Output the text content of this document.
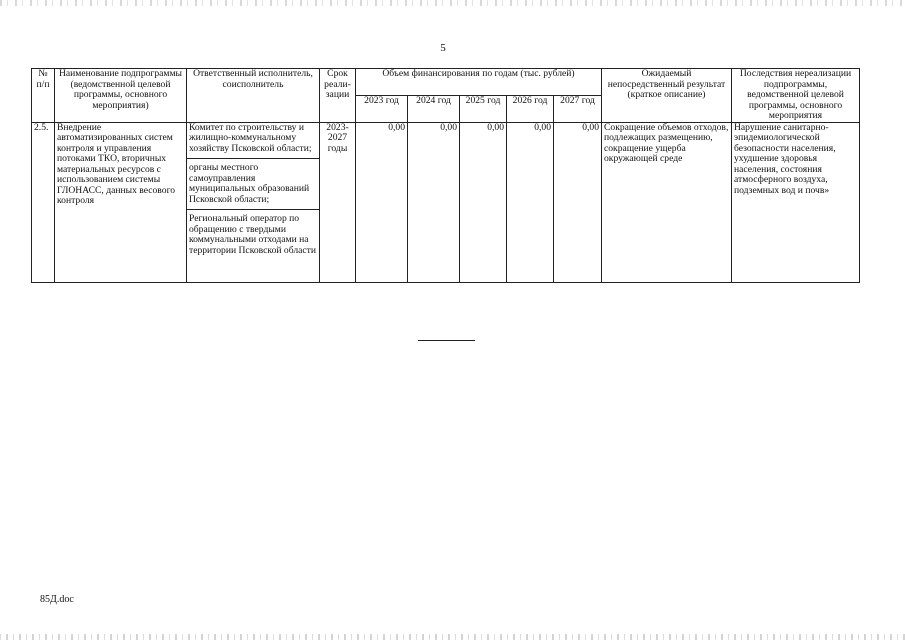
5
№ п/п	Наименование подпрограммы (ведомственной целевой программы, основного мероприятия)	Ответственный исполнитель, соисполнитель	Срок реали-зации	Объем финансирования по годам (тыс. рублей)					Ожидаемый непосредственный результат (краткое описание)	Последствия нереализации подпрограммы, ведомственной целевой программы, основного мероприятия
				2023 год	2024 год	2025 год	2026 год	2027 год		
2.5.	Внедрение автоматизированных систем контроля и управления потоками ТКО, вторичных материальных ресурсов с использованием системы ГЛОНАСС, данных весового контроля	Комитет по строительству и жилищно-коммунальному хозяйству Псковской области;
органы местного самоуправления муниципальных образований Псковской области;
Региональный оператор по обращению с твердыми коммунальными отходами на территории Псковской области	2023-2027 годы	0,00	0,00	0,00	0,00	0,00	Сокращение объемов отходов, подлежащих размещению, сокращение ущерба окружающей среде	Нарушение санитарно-эпидемиологической безопасности населения, ухудшение здоровья населения, состояния атмосферного воздуха, подземных вод и почв»
85Д.doc
